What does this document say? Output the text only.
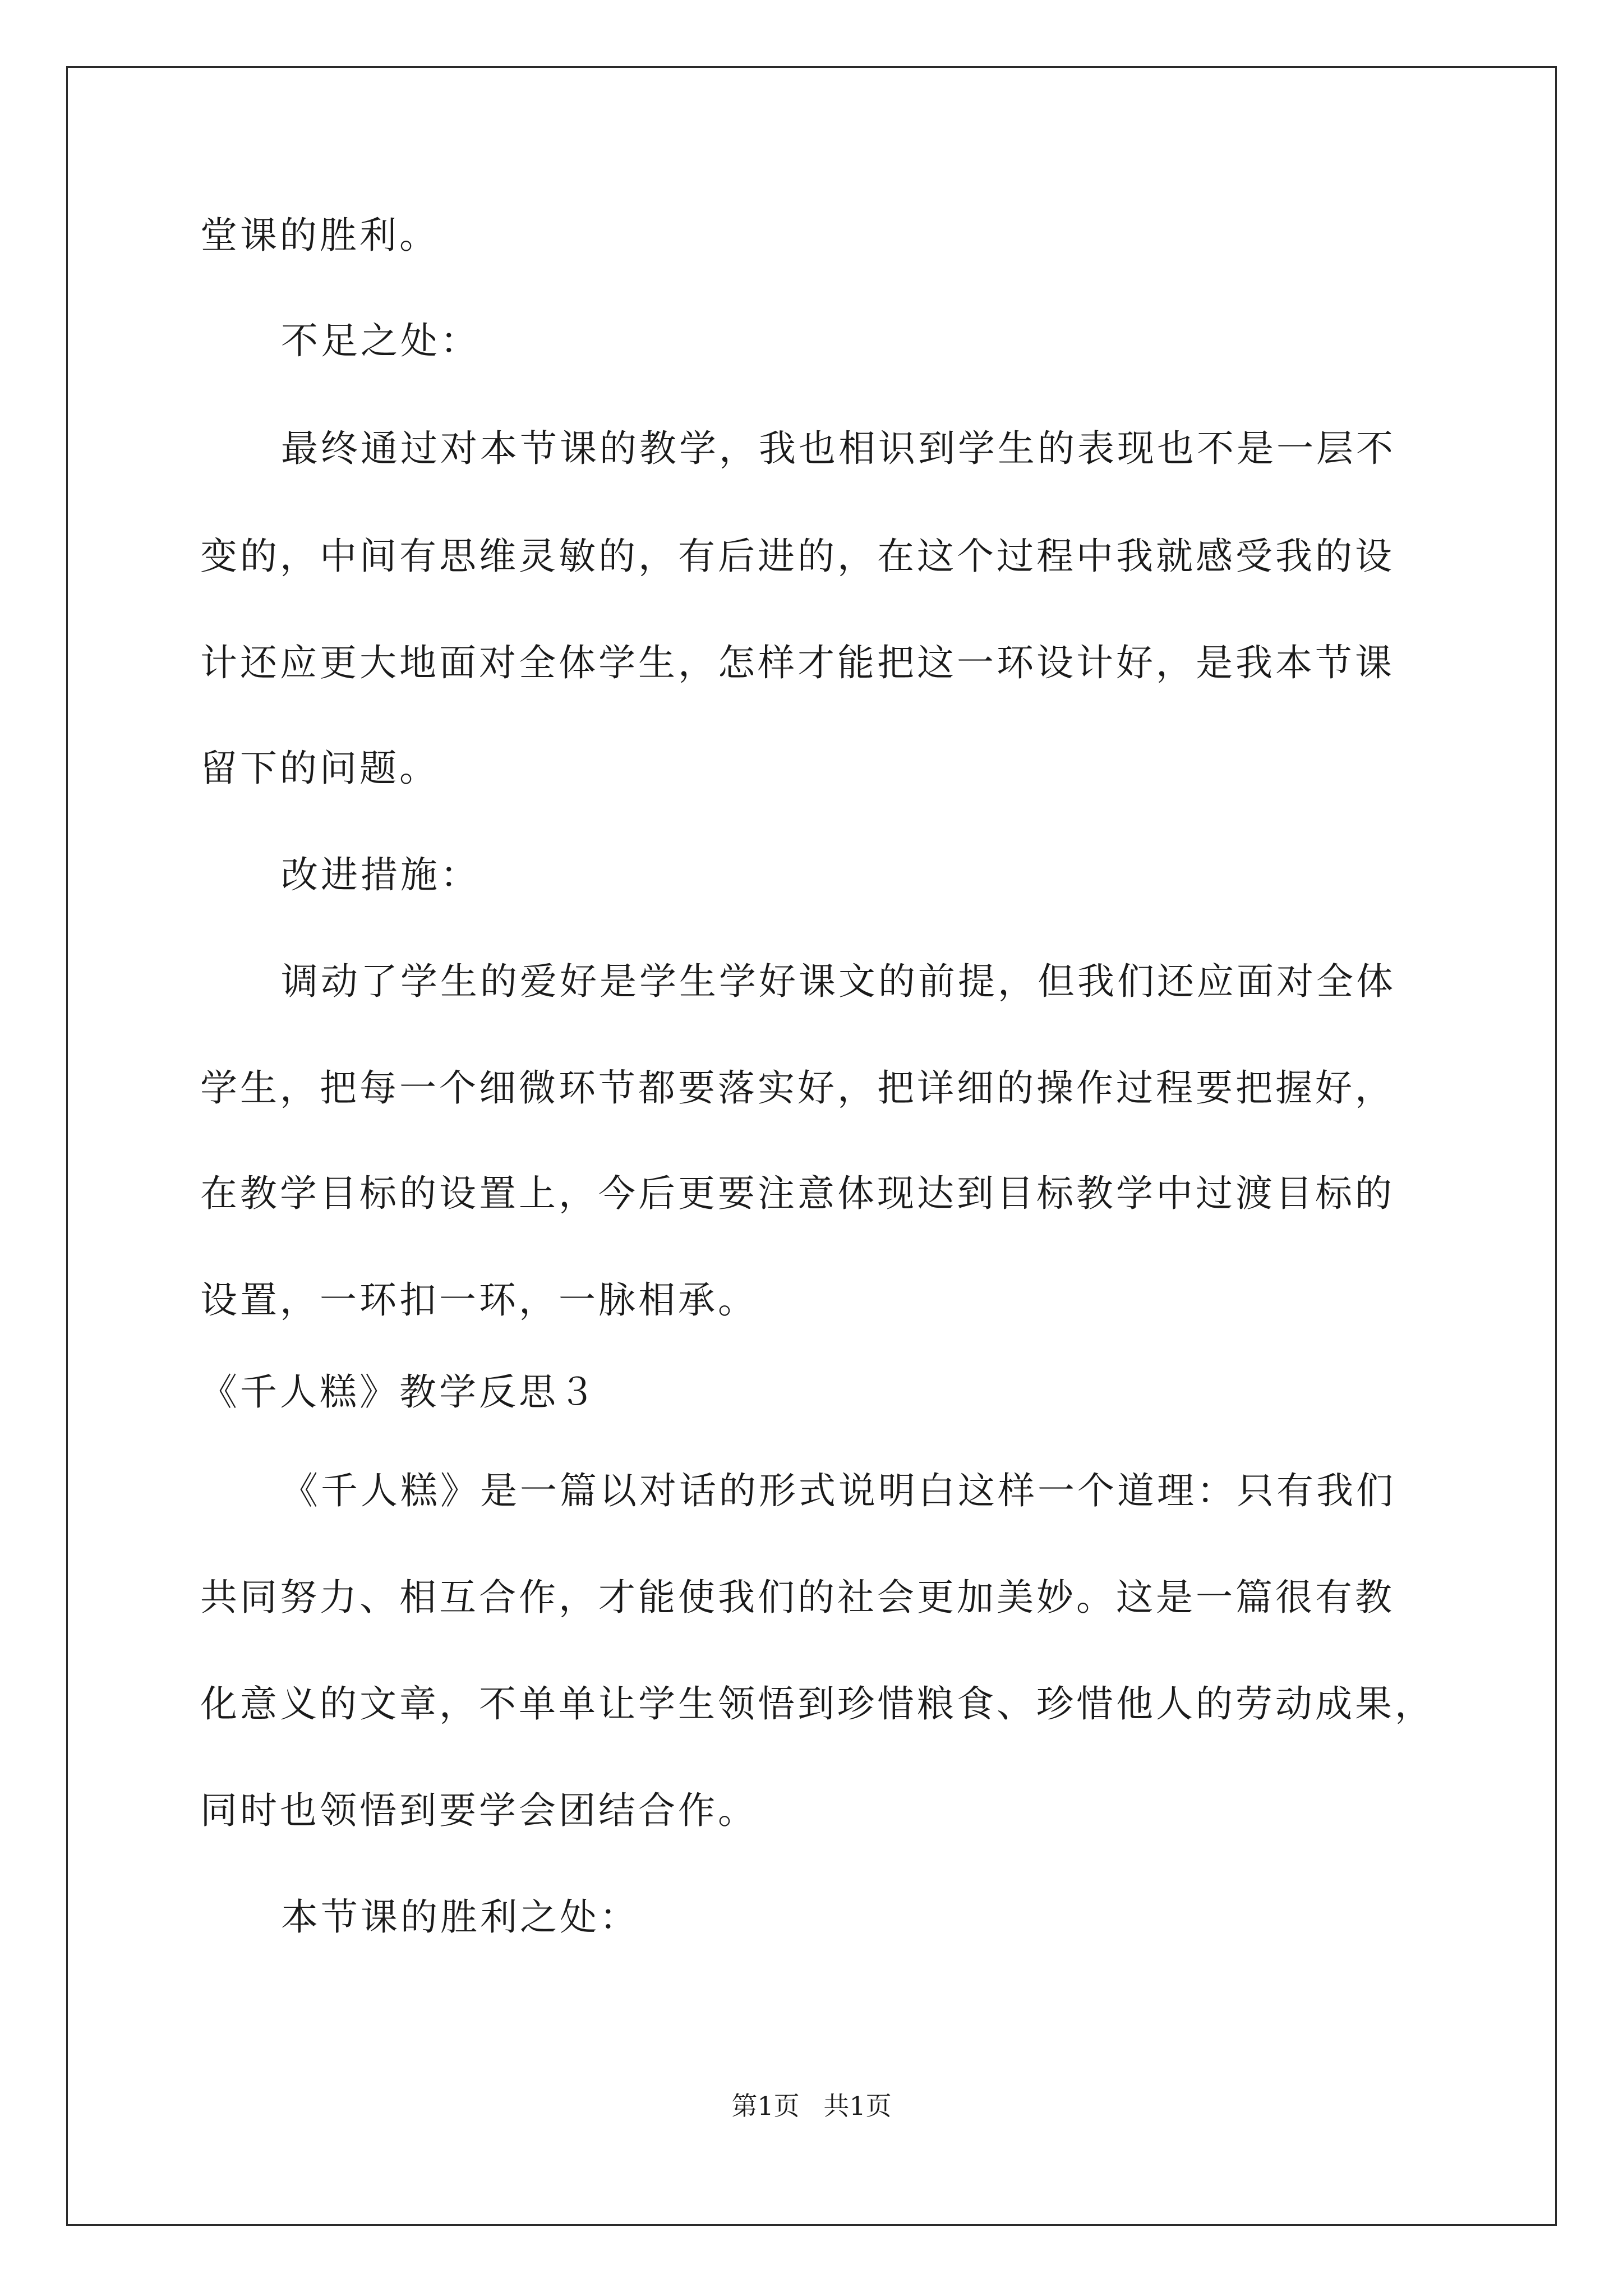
堂课的胜利。
不足之处：
最终通过对本节课的教学，我也相识到学生的表现也不是一层不
变的，中间有思维灵敏的，有后进的，在这个过程中我就感受我的设
计还应更大地面对全体学生，怎样才能把这一环设计好，是我本节课
留下的问题。
改进措施：
调动了学生的爱好是学生学好课文的前提，但我们还应面对全体
学生，把每一个细微环节都要落实好，把详细的操作过程要把握好，
在教学目标的设置上，今后更要注意体现达到目标教学中过渡目标的
设置，一环扣一环，一脉相承。
《千人糕》教学反思３
《千人糕》是一篇以对话的形式说明白这样一个道理：只有我们
共同努力、相互合作，才能使我们的社会更加美妙。这是一篇很有教
化意义的文章，不单单让学生领悟到珍惜粮食、珍惜他人的劳动成果，
同时也领悟到要学会团结合作。
本节课的胜利之处：
第1页 共1页
